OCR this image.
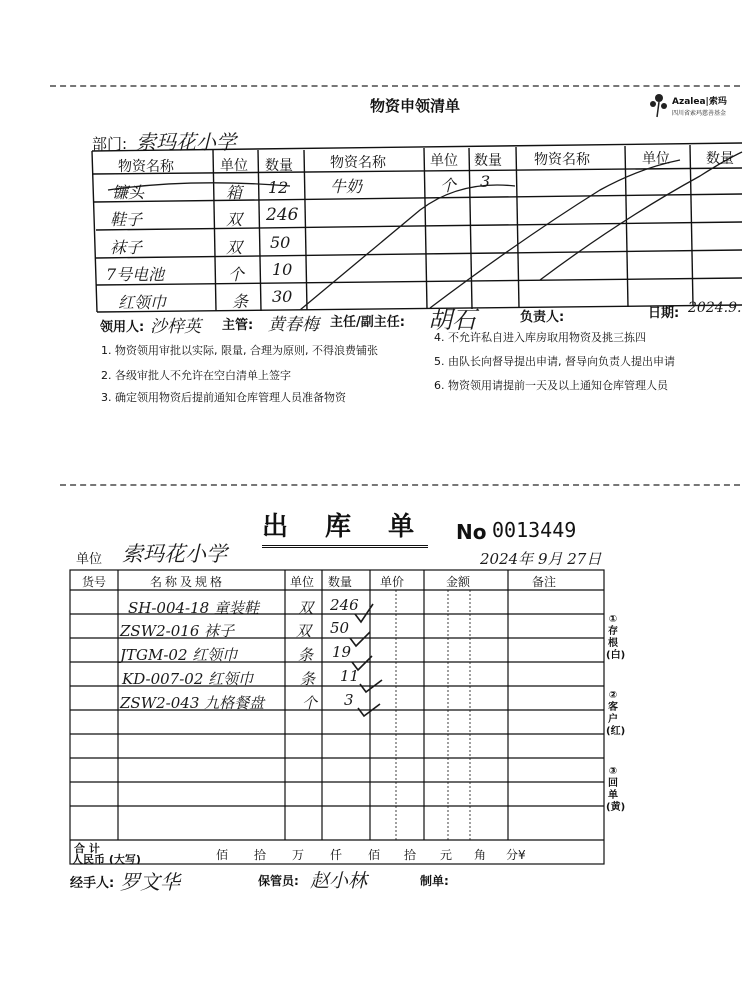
物资申领清单	Azalea|索玛
四川省索玛慈善基金
部门: 索玛花小学
物资名称	单位 数量	物资名称	单位 数量 物资名称	单位	数量
镰头	箱 12	牛奶	个 3
鞋子	双 246
袜子	双 50
7号电池	个 10
红领巾	条 30
领用人: 沙梓英 主管: 黄春梅 主任/副主任: 胡石	负责人:	日期: 2024.9.
1. 物资领用审批以实际, 限量, 合理为原则, 不得浪费铺张
2. 各级审批人不允许在空白清单上签字
3. 确定领用物资后提前通知仓库管理人员准备物资
4. 不允许私自进入库房取用物资及挑三拣四
5. 由队长向督导提出申请, 督导向负责人提出申请
6. 物资领用请提前一天及以上通知仓库管理人员
出 库 单 No 0013449
单位 索玛花小学	2024年 9月 27日
货号	名称及规格	单位 数量 单价	金额	备注
SH-004-18 童装鞋	双 246
ZSW2-016 袜子	双 50
JTGM-02 红领巾	条 19
KD-007-02 红领巾	条 11
ZSW2-043 九格餐盘	个 3
①存根(白)
②客户(红)
③回单(黄)
合 计
人民币 (大写)	佰 拾 万 仟 佰 拾 元 角 分¥
经手人: 罗文华	保管员: 赵小林	制单:
